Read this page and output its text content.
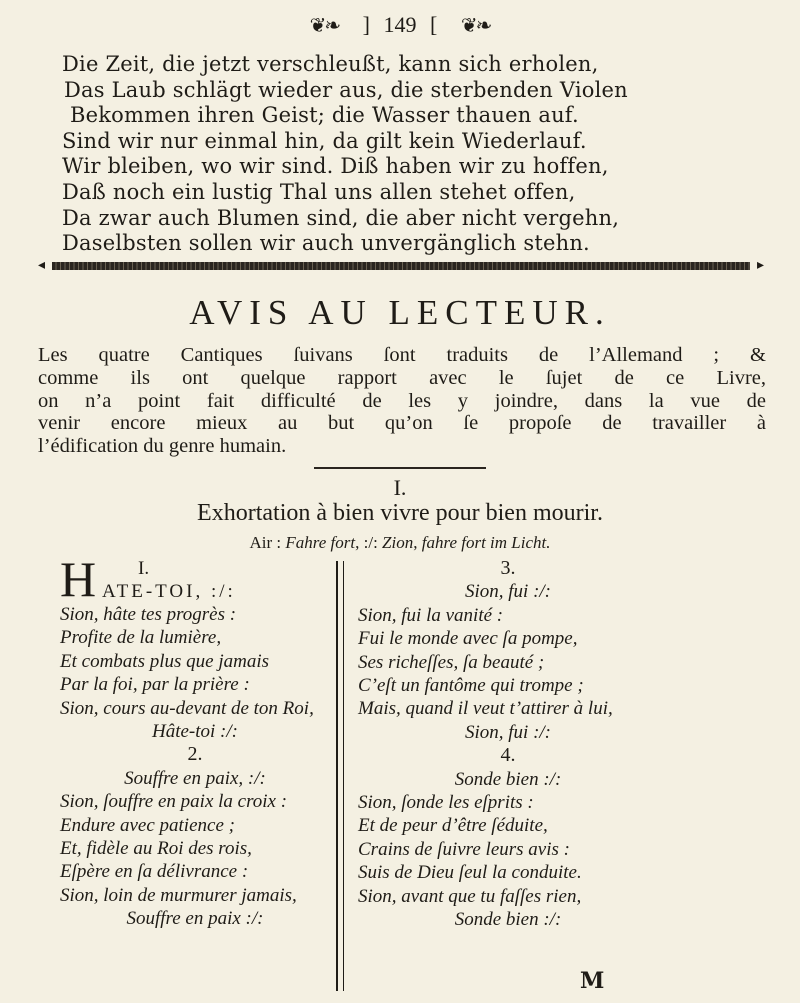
❦❧ ] 149 [ ❦❧
Die Zeit, die jetzt verschleußt, kann sich erholen,
Das Laub schlägt wieder aus, die sterbenden Violen
Bekommen ihren Geist; die Wasser thauen auf.
Sind wir nur einmal hin, da gilt kein Wiederlauf.
Wir bleiben, wo wir sind. Diß haben wir zu hoffen,
Daß noch ein lustig Thal uns allen stehet offen,
Da zwar auch Blumen sind, die aber nicht vergehn,
Daselbsten sollen wir auch unvergänglich stehn.
◂	▸
AVIS AU LECTEUR.
Les quatre Cantiques ſuivans ſont traduits de l’Allemand ; &
comme ils ont quelque rapport avec le ſujet de ce Livre,
on n’a point fait difficulté de les y joindre, dans la vue de
venir encore mieux au but qu’on ſe propoſe de travailler à
l’édification du genre humain.
I.
Exhortation à bien vivre pour bien mourir.
Air : Fahre fort, :/: Zion, fahre fort im Licht.
H I.
ATE-TOI, :/:
Sion, hâte tes progrès :
Profite de la lumière,
Et combats plus que jamais
Par la foi, par la prière :
Sion, cours au-devant de ton Roi,
Hâte-toi :/:
2.
Souffre en paix, :/:
Sion, ſouffre en paix la croix :
Endure avec patience ;
Et, fidèle au Roi des rois,
Eſpère en ſa délivrance :
Sion, loin de murmurer jamais,
Souffre en paix :/:
3.
Sion, fui :/:
Sion, fui la vanité :
Fui le monde avec ſa pompe,
Ses richeſſes, ſa beauté ;
C’eſt un fantôme qui trompe ;
Mais, quand il veut t’attirer à lui,
Sion, fui :/:
4.
Sonde bien :/:
Sion, ſonde les eſprits :
Et de peur d’être ſéduite,
Crains de ſuivre leurs avis :
Suis de Dieu ſeul la conduite.
Sion, avant que tu faſſes rien,
Sonde bien :/:
M
